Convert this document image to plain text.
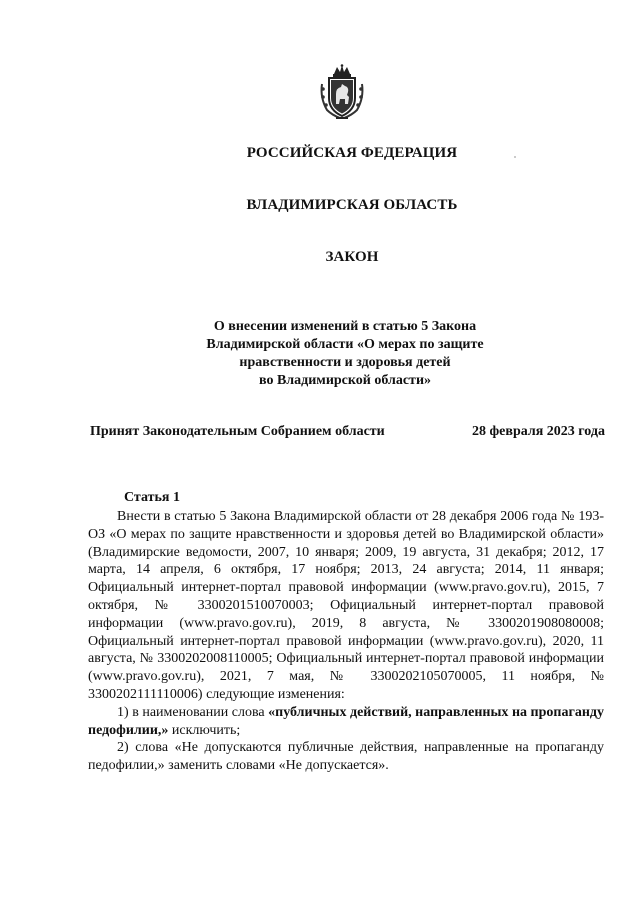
РОССИЙСКАЯ ФЕДЕРАЦИЯ

ВЛАДИМИРСКАЯ ОБЛАСТЬ

ЗАКОН

О внесении изменений в статью 5 Закона
Владимирской области «О мерах по защите
нравственности и здоровья детей
во Владимирской области»
Принят Законодательным Собранием области	28 февраля 2023 года
Статья 1

Внести в статью 5 Закона Владимирской области от 28 декабря 2006 года № 193-ОЗ «О мерах по защите нравственности и здоровья детей во Владимирской области» (Владимирские ведомости, 2007, 10 января; 2009, 19 августа, 31 декабря; 2012, 17 марта, 14 апреля, 6 октября, 17 ноября; 2013, 24 августа; 2014, 11 января; Официальный интернет-портал правовой информации (www.pravo.gov.ru), 2015, 7 октября, № 3300201510070003; Официальный интернет-портал правовой информации (www.pravo.gov.ru), 2019, 8 августа, № 3300201908080008; Официальный интернет-портал правовой информации (www.pravo.gov.ru), 2020, 11 августа, № 3300202008110005; Официальный интернет-портал правовой информации (www.pravo.gov.ru), 2021, 7 мая, № 3300202105070005, 11 ноября, № 3300202111110006) следующие изменения:

1) в наименовании слова «публичных действий, направленных на пропаганду педофилии,» исключить;

2) слова «Не допускаются публичные действия, направленные на пропаганду педофилии,» заменить словами «Не допускается».
